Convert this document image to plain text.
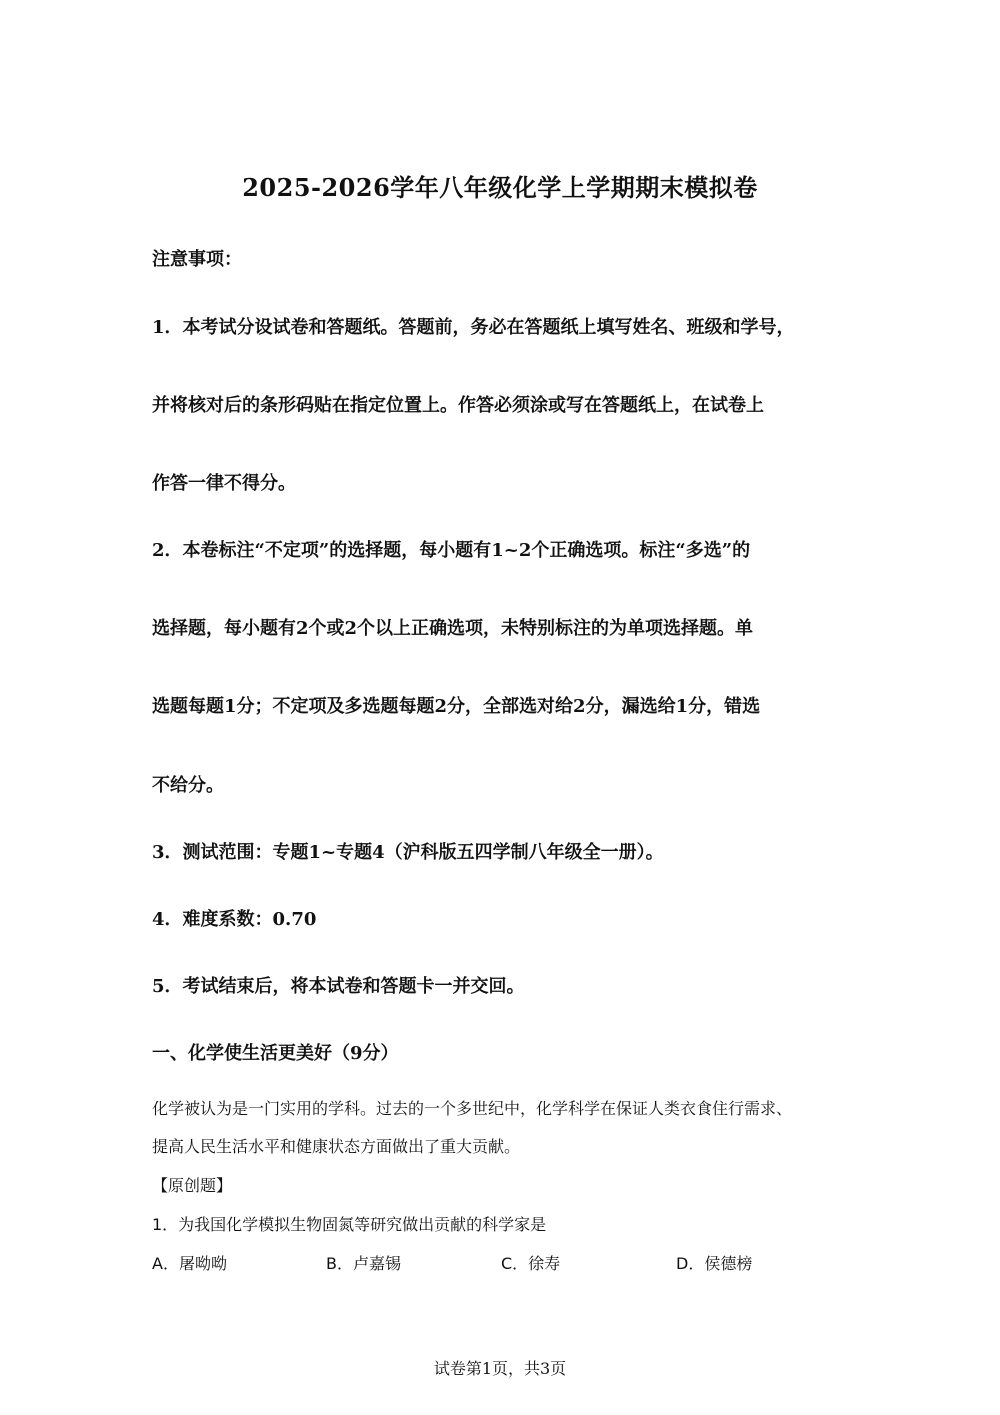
2025-2026学年八年级化学上学期期末模拟卷
注意事项：
1．本考试分设试卷和答题纸。答题前，务必在答题纸上填写姓名、班级和学号，
并将核对后的条形码贴在指定位置上。作答必须涂或写在答题纸上，在试卷上
作答一律不得分。
2．本卷标注“不定项”的选择题，每小题有1~2个正确选项。标注“多选”的
选择题，每小题有2个或2个以上正确选项，未特别标注的为单项选择题。单
选题每题1分；不定项及多选题每题2分，全部选对给2分，漏选给1分，错选
不给分。
3．测试范围：专题1~专题4（沪科版五四学制八年级全一册）。
4．难度系数：0.70
5．考试结束后，将本试卷和答题卡一并交回。
一、化学使生活更美好（9分）
化学被认为是一门实用的学科。过去的一个多世纪中，化学科学在保证人类衣食住行需求、
提高人民生活水平和健康状态方面做出了重大贡献。
【原创题】
1．为我国化学模拟生物固氮等研究做出贡献的科学家是
A．屠呦呦	B．卢嘉锡	C．徐寿	D．侯德榜
试卷第1页，共3页
